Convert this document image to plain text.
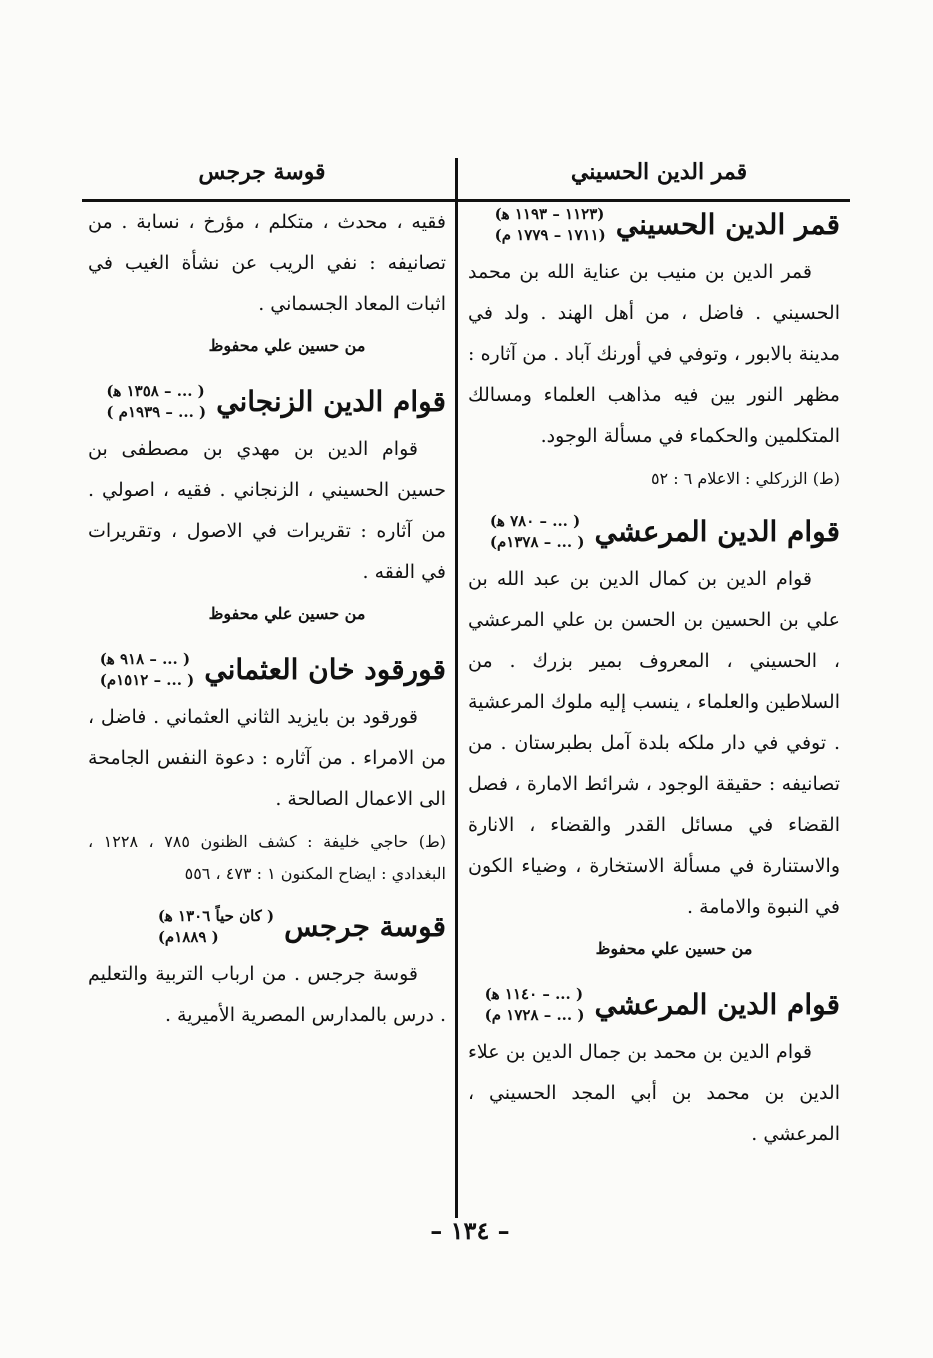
قمر الدين الحسيني
قوسة جرجس
قمر الدين الحسيني
(١١٢٣ – ١١٩٣ ﻫ)
(١٧١١ – ١٧٧٩ م)

قمر الدين بن منيب بن عناية الله بن محمد الحسيني . فاضل ، من أهل الهند . ولد في مدينة بالابور ، وتوفي في أورنك آباد . من آثاره : مظهر النور بين فيه مذاهب العلماء ومسالك المتكلمين والحكماء في مسألة الوجود.

(ط) الزركلي : الاعلام ٦ : ٥٢
قوام الدين المرعشي
( ... – ٧٨٠ ﻫ)
( ... – ١٣٧٨م)

قوام الدين بن كمال الدين بن عبد الله بن علي بن الحسين بن الحسن بن علي المرعشي ، الحسيني ، المعروف بمير بزرك . من السلاطين والعلماء ، ينسب إليه ملوك المرعشية . توفي في دار ملكه بلدة آمل بطبرستان . من تصانيفه : حقيقة الوجود ، شرائط الامارة ، فصل القضاء في مسائل القدر والقضاء ، الانارة والاستنارة في مسألة الاستخارة ، وضياء الكون في النبوة والامامة .

من حسين علي محفوظ
قوام الدين المرعشي
( ... – ١١٤٠ ﻫ)
( ... – ١٧٢٨ م)

قوام الدين بن محمد بن جمال الدين بن علاء الدين بن محمد بن أبي المجد الحسيني ، المرعشي .

فقيه ، محدث ، متكلم ، مؤرخ ، نسابة . من تصانيفه : نفي الريب عن نشأة الغيب في اثبات المعاد الجسماني .

من حسين علي محفوظ
قوام الدين الزنجاني
( ... – ١٣٥٨ ﻫ)
( ... – ١٩٣٩م )

قوام الدين بن مهدي بن مصطفى بن حسين الحسيني ، الزنجاني . فقيه ، اصولي . من آثاره : تقريرات في الاصول ، وتقريرات في الفقه .

من حسين علي محفوظ
قورقود خان العثماني
( ... – ٩١٨ ﻫ)
( ... – ١٥١٢م)

قورقود بن بايزيد الثاني العثماني . فاضل ، من الامراء . من آثاره : دعوة النفس الجامحة الى الاعمال الصالحة .

(ط) حاجي خليفة : كشف الظنون ٧٨٥ ، ١٢٢٨ ، البغدادي : ايضاح المكنون ١ : ٤٧٣ ، ٥٥٦
قوسة جرجس
( كان حياً ١٣٠٦ ﻫ)
( ١٨٨٩م)

قوسة جرجس . من ارباب التربية والتعليم . درس بالمدارس المصرية الأميرية .

– ١٣٤ –
